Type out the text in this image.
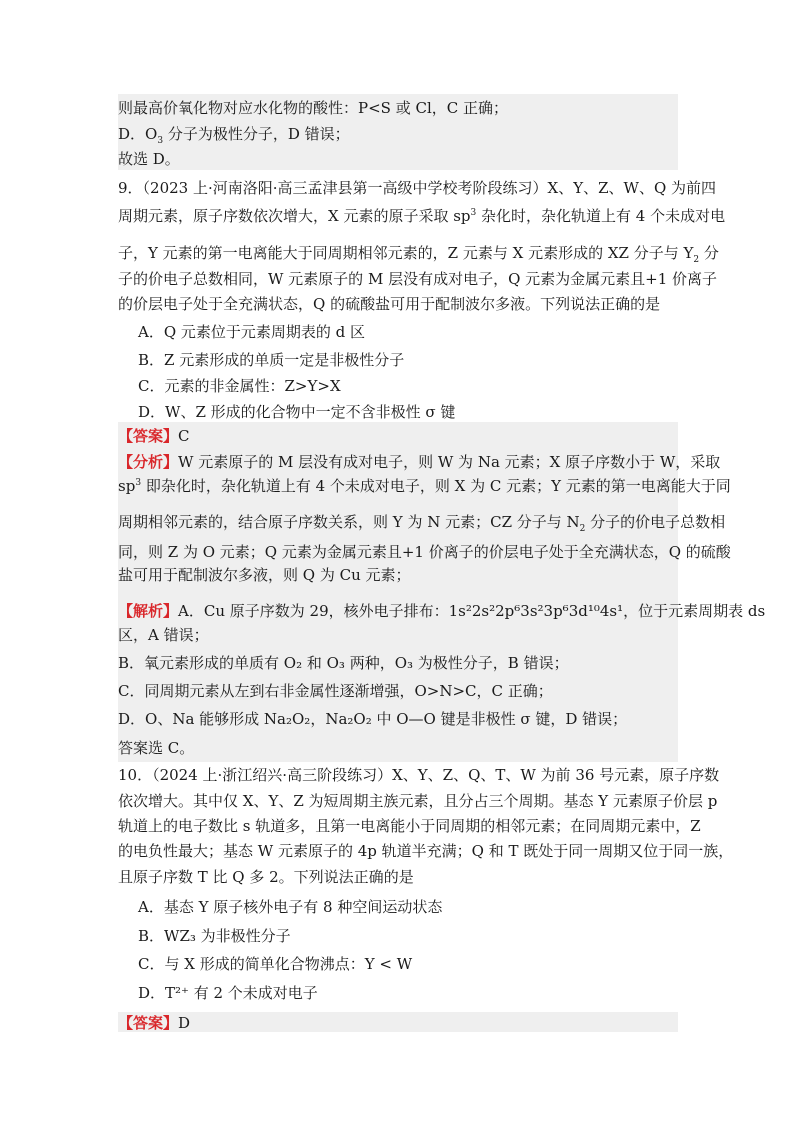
则最高价氧化物对应水化物的酸性：P<S 或 Cl，C 正确；
D．$O_3$ 分子为极性分子，D 错误；
故选 D。
9．（2023 上·河南洛阳·高三孟津县第一高级中学校考阶段练习）X、Y、Z、W、Q 为前四
周期元素，原子序数依次增大，X 元素的原子采取 $sp^3$ 杂化时，杂化轨道上有 4 个未成对电
子，Y 元素的第一电离能大于同周期相邻元素的，Z 元素与 X 元素形成的 XZ 分子与 $Y_2$ 分
子的价电子总数相同，W 元素原子的 M 层没有成对电子，Q 元素为金属元素且+1 价离子
的价层电子处于全充满状态，Q 的硫酸盐可用于配制波尔多液。下列说法正确的是
A．Q 元素位于元素周期表的 d 区
B．Z 元素形成的单质一定是非极性分子
C．元素的非金属性：Z>Y>X
D．W、Z 形成的化合物中一定不含非极性 σ 键
【答案】C
【分析】W 元素原子的 M 层没有成对电子，则 W 为 Na 元素；X 原子序数小于 W，采取
$sp^3$ 即杂化时，杂化轨道上有 4 个未成对电子，则 X 为 C 元素；Y 元素的第一电离能大于同
周期相邻元素的，结合原子序数关系，则 Y 为 N 元素；CZ 分子与 $N_2$ 分子的价电子总数相
同，则 Z 为 O 元素；Q 元素为金属元素且+1 价离子的价层电子处于全充满状态，Q 的硫酸
盐可用于配制波尔多液，则 Q 为 Cu 元素；
【解析】A．Cu 原子序数为 29，核外电子排布：1s²2s²2p⁶3s²3p⁶3d¹⁰4s¹，位于元素周期表 ds
区，A 错误；
B．氧元素形成的单质有 O₂ 和 O₃ 两种，O₃ 为极性分子，B 错误；
C．同周期元素从左到右非金属性逐渐增强，O>N>C，C 正确；
D．O、Na 能够形成 Na₂O₂，Na₂O₂ 中 O—O 键是非极性 σ 键，D 错误；
答案选 C。
10．（2024 上·浙江绍兴·高三阶段练习）X、Y、Z、Q、T、W 为前 36 号元素，原子序数
依次增大。其中仅 X、Y、Z 为短周期主族元素，且分占三个周期。基态 Y 元素原子价层 p
轨道上的电子数比 s 轨道多，且第一电离能小于同周期的相邻元素；在同周期元素中，Z
的电负性最大；基态 W 元素原子的 4p 轨道半充满；Q 和 T 既处于同一周期又位于同一族，
且原子序数 T 比 Q 多 2。下列说法正确的是
A．基态 Y 原子核外电子有 8 种空间运动状态
B．WZ₃ 为非极性分子
C．与 X 形成的简单化合物沸点：Y < W
D．T²⁺ 有 2 个未成对电子
【答案】D
